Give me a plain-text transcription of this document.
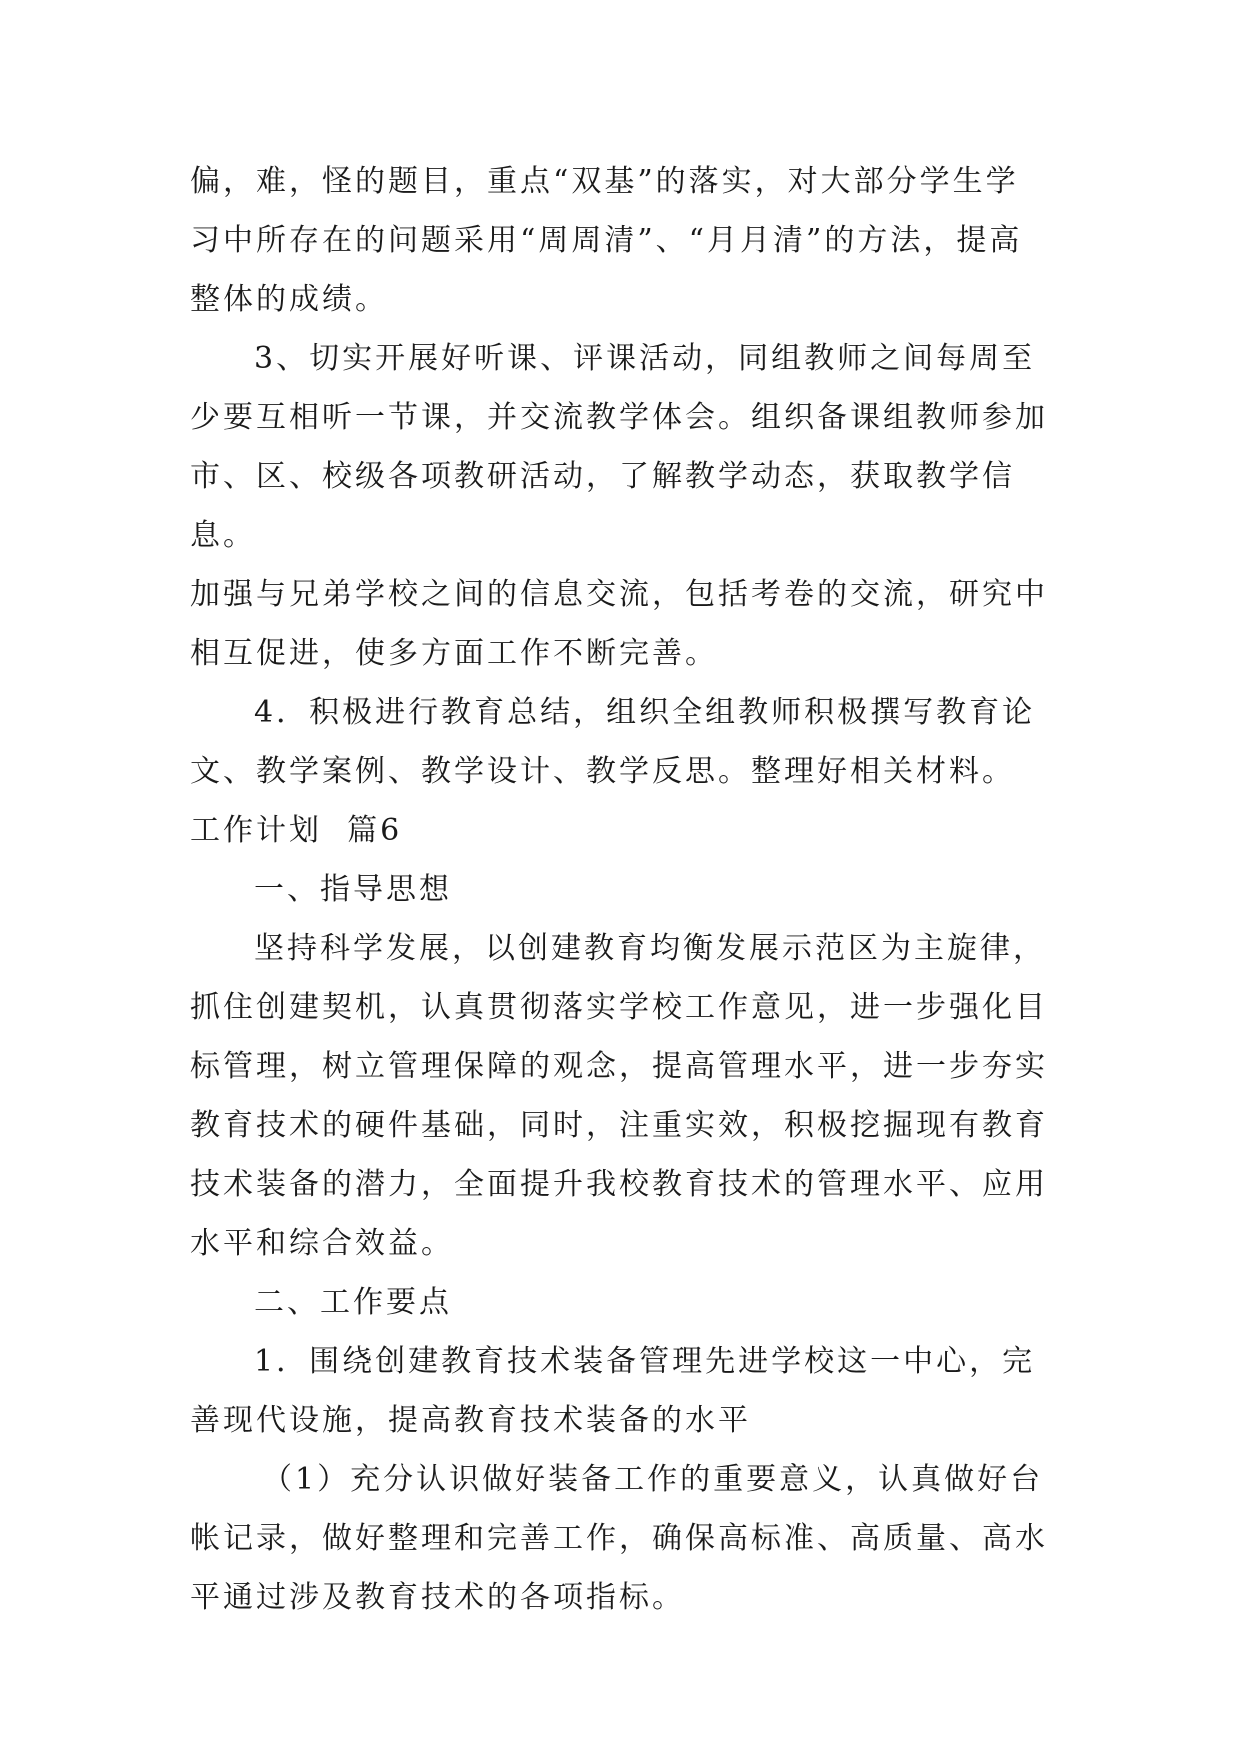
偏，难，怪的题目，重点“双基”的落实，对大部分学生学

习中所存在的问题采用“周周清”、“月月清”的方法，提高

整体的成绩。

3、切实开展好听课、评课活动，同组教师之间每周至

少要互相听一节课，并交流教学体会。组织备课组教师参加

市、区、校级各项教研活动，了解教学动态，获取教学信息。

加强与兄弟学校之间的信息交流，包括考卷的交流，研究中

相互促进，使多方面工作不断完善。

4．积极进行教育总结，组织全组教师积极撰写教育论

文、教学案例、教学设计、教学反思。整理好相关材料。

工作计划  篇6

一、指导思想

坚持科学发展，以创建教育均衡发展示范区为主旋律，

抓住创建契机，认真贯彻落实学校工作意见，进一步强化目

标管理，树立管理保障的观念，提高管理水平，进一步夯实

教育技术的硬件基础，同时，注重实效，积极挖掘现有教育

技术装备的潜力，全面提升我校教育技术的管理水平、应用

水平和综合效益。

二、工作要点

1．围绕创建教育技术装备管理先进学校这一中心，完

善现代设施，提高教育技术装备的水平

（1）充分认识做好装备工作的重要意义，认真做好台

帐记录，做好整理和完善工作，确保高标准、高质量、高水

平通过涉及教育技术的各项指标。
